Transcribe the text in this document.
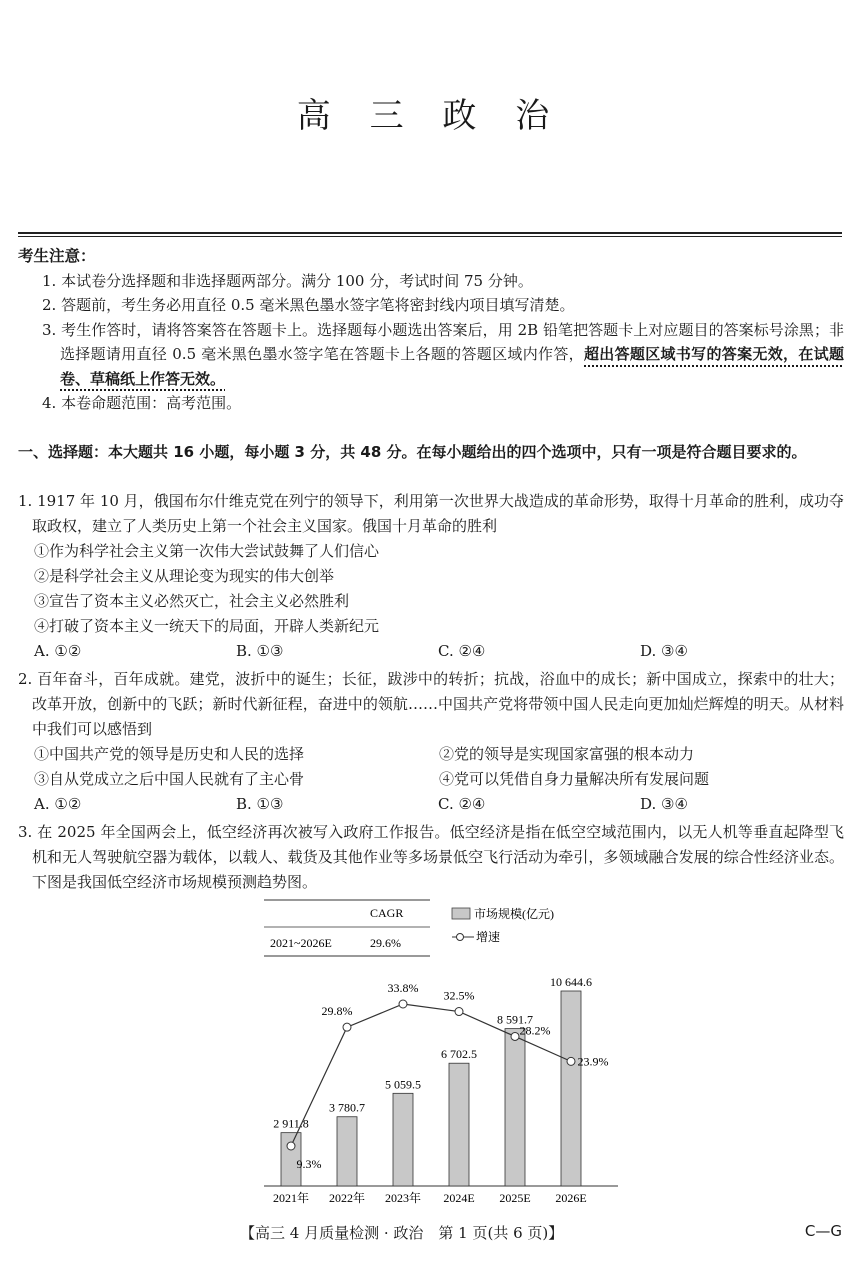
高 三 政 治
考生注意：
1. 本试卷分选择题和非选择题两部分。满分 100 分，考试时间 75 分钟。
2. 答题前，考生务必用直径 0.5 毫米黑色墨水签字笔将密封线内项目填写清楚。
3. 考生作答时，请将答案答在答题卡上。选择题每小题选出答案后，用 2B 铅笔把答题卡上对应题目的答案标号涂黑；非选择题请用直径 0.5 毫米黑色墨水签字笔在答题卡上各题的答题区域内作答，超出答题区域书写的答案无效，在试题卷、草稿纸上作答无效。
4. 本卷命题范围：高考范围。
一、选择题：本大题共 16 小题，每小题 3 分，共 48 分。在每小题给出的四个选项中，只有一项是符合题目要求的。
1. 1917 年 10 月，俄国布尔什维克党在列宁的领导下，利用第一次世界大战造成的革命形势，取得十月革命的胜利，成功夺取政权，建立了人类历史上第一个社会主义国家。俄国十月革命的胜利
①作为科学社会主义第一次伟大尝试鼓舞了人们信心
②是科学社会主义从理论变为现实的伟大创举
③宣告了资本主义必然灭亡，社会主义必然胜利
④打破了资本主义一统天下的局面，开辟人类新纪元
A. ①②	B. ①③	C. ②④	D. ③④
2. 百年奋斗，百年成就。建党，波折中的诞生；长征，跋涉中的转折；抗战，浴血中的成长；新中国成立，探索中的壮大；改革开放，创新中的飞跃；新时代新征程，奋进中的领航……中国共产党将带领中国人民走向更加灿烂辉煌的明天。从材料中我们可以感悟到
①中国共产党的领导是历史和人民的选择	②党的领导是实现国家富强的根本动力
③自从党成立之后中国人民就有了主心骨	④党可以凭借自身力量解决所有发展问题
A. ①②	B. ①③	C. ②④	D. ③④
3. 在 2025 年全国两会上，低空经济再次被写入政府工作报告。低空经济是指在低空空域范围内，以无人机等垂直起降型飞机和无人驾驶航空器为载体，以载人、载货及其他作业等多场景低空飞行活动为牵引，多领域融合发展的综合性经济业态。下图是我国低空经济市场规模预测趋势图。
CAGR
2021~2026E	29.6%
市场规模(亿元)
增速
2 911.8
3 780.7
5 059.5
6 702.5
8 591.7
10 644.6
9.3%
29.8%
33.8%
32.5%
28.2%
23.9%
2021年 2022年 2023年 2024E 2025E 2026E
【高三 4 月质量检测 · 政治　第 1 页(共 6 页)】	C—G
